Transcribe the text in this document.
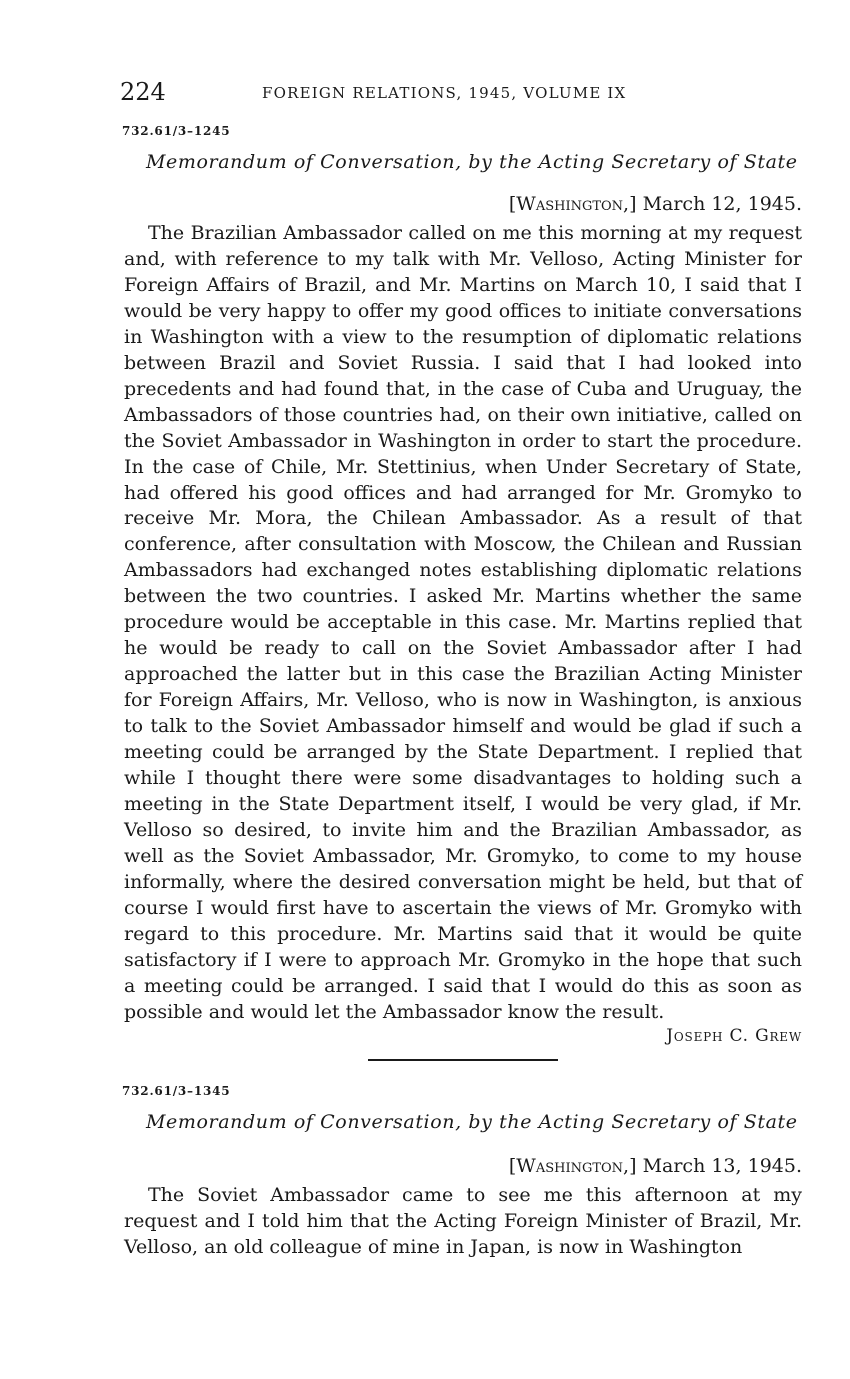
224	FOREIGN RELATIONS, 1945, VOLUME IX
732.61/3–1245
Memorandum of Conversation, by the Acting Secretary of State
[Washington,] March 12, 1945.

The Brazilian Ambassador called on me this morning at my request and, with reference to my talk with Mr. Velloso, Acting Minister for Foreign Affairs of Brazil, and Mr. Martins on March 10, I said that I would be very happy to offer my good offices to initiate conversations in Washington with a view to the resumption of diplomatic relations between Brazil and Soviet Russia. I said that I had looked into precedents and had found that, in the case of Cuba and Uruguay, the Ambassadors of those countries had, on their own initiative, called on the Soviet Ambassador in Washington in order to start the procedure. In the case of Chile, Mr. Stettinius, when Under Secretary of State, had offered his good offices and had arranged for Mr. Gromyko to receive Mr. Mora, the Chilean Ambassador. As a result of that conference, after consultation with Moscow, the Chilean and Russian Ambassadors had exchanged notes establishing diplomatic relations between the two countries. I asked Mr. Martins whether the same procedure would be acceptable in this case. Mr. Martins replied that he would be ready to call on the Soviet Ambassador after I had approached the latter but in this case the Brazilian Acting Minister for Foreign Affairs, Mr. Velloso, who is now in Washington, is anxious to talk to the Soviet Ambassador himself and would be glad if such a meeting could be arranged by the State Department. I replied that while I thought there were some disadvantages to holding such a meeting in the State Department itself, I would be very glad, if Mr. Velloso so desired, to invite him and the Brazilian Ambassador, as well as the Soviet Ambassador, Mr. Gromyko, to come to my house informally, where the desired conversation might be held, but that of course I would first have to ascertain the views of Mr. Gromyko with regard to this procedure. Mr. Martins said that it would be quite satisfactory if I were to approach Mr. Gromyko in the hope that such a meeting could be arranged. I said that I would do this as soon as possible and would let the Ambassador know the result.

Joseph C. Grew
732.61/3–1345
Memorandum of Conversation, by the Acting Secretary of State
[Washington,] March 13, 1945.

The Soviet Ambassador came to see me this afternoon at my request and I told him that the Acting Foreign Minister of Brazil, Mr. Velloso, an old colleague of mine in Japan, is now in Washington
